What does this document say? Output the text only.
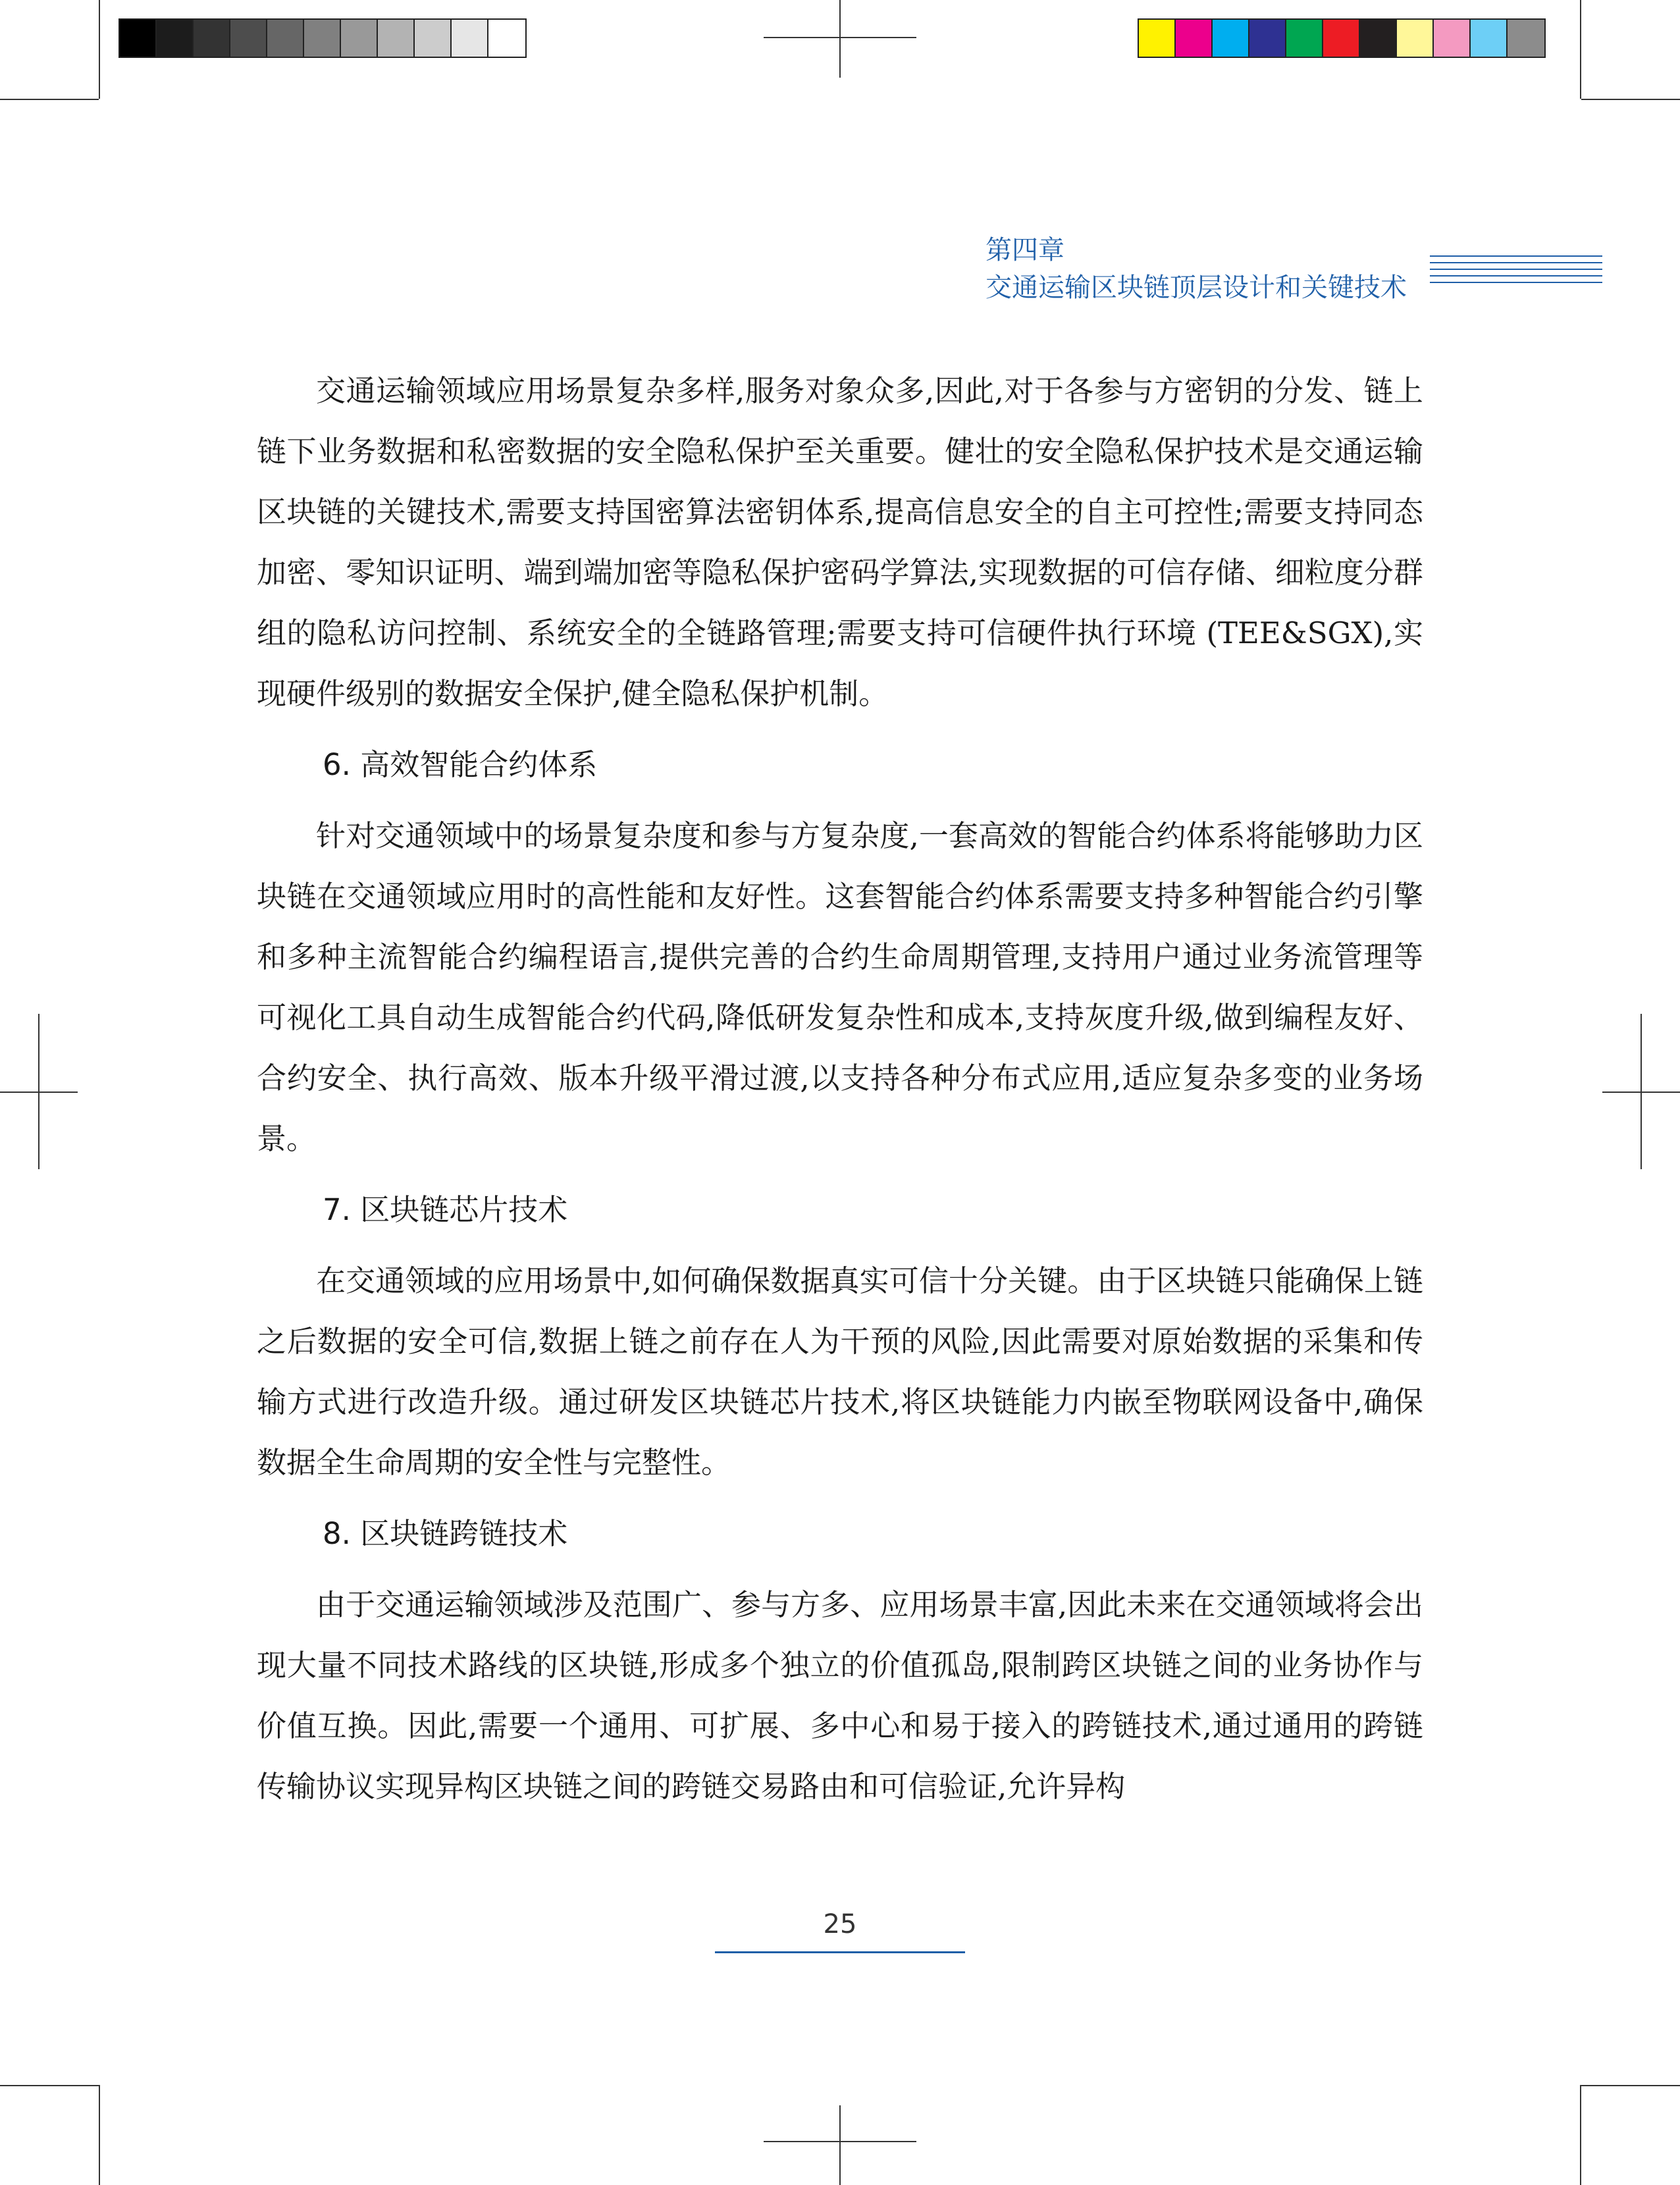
第四章
交通运输区块链顶层设计和关键技术

交通运输领域应用场景复杂多样,服务对象众多,因此,对于各参与方密钥的分发、链上链下业务数据和私密数据的安全隐私保护至关重要。健壮的安全隐私保护技术是交通运输区块链的关键技术,需要支持国密算法密钥体系,提高信息安全的自主可控性;需要支持同态加密、零知识证明、端到端加密等隐私保护密码学算法,实现数据的可信存储、细粒度分群组的隐私访问控制、系统安全的全链路管理;需要支持可信硬件执行环境 (TEE&SGX),实现硬件级别的数据安全保护,健全隐私保护机制。

6. 高效智能合约体系

针对交通领域中的场景复杂度和参与方复杂度,一套高效的智能合约体系将能够助力区块链在交通领域应用时的高性能和友好性。这套智能合约体系需要支持多种智能合约引擎和多种主流智能合约编程语言,提供完善的合约生命周期管理,支持用户通过业务流管理等可视化工具自动生成智能合约代码,降低研发复杂性和成本,支持灰度升级,做到编程友好、合约安全、执行高效、版本升级平滑过渡,以支持各种分布式应用,适应复杂多变的业务场景。

7. 区块链芯片技术

在交通领域的应用场景中,如何确保数据真实可信十分关键。由于区块链只能确保上链之后数据的安全可信,数据上链之前存在人为干预的风险,因此需要对原始数据的采集和传输方式进行改造升级。通过研发区块链芯片技术,将区块链能力内嵌至物联网设备中,确保数据全生命周期的安全性与完整性。

8. 区块链跨链技术

由于交通运输领域涉及范围广、参与方多、应用场景丰富,因此未来在交通领域将会出现大量不同技术路线的区块链,形成多个独立的价值孤岛,限制跨区块链之间的业务协作与价值互换。因此,需要一个通用、可扩展、多中心和易于接入的跨链技术,通过通用的跨链传输协议实现异构区块链之间的跨链交易路由和可信验证,允许异构

25
